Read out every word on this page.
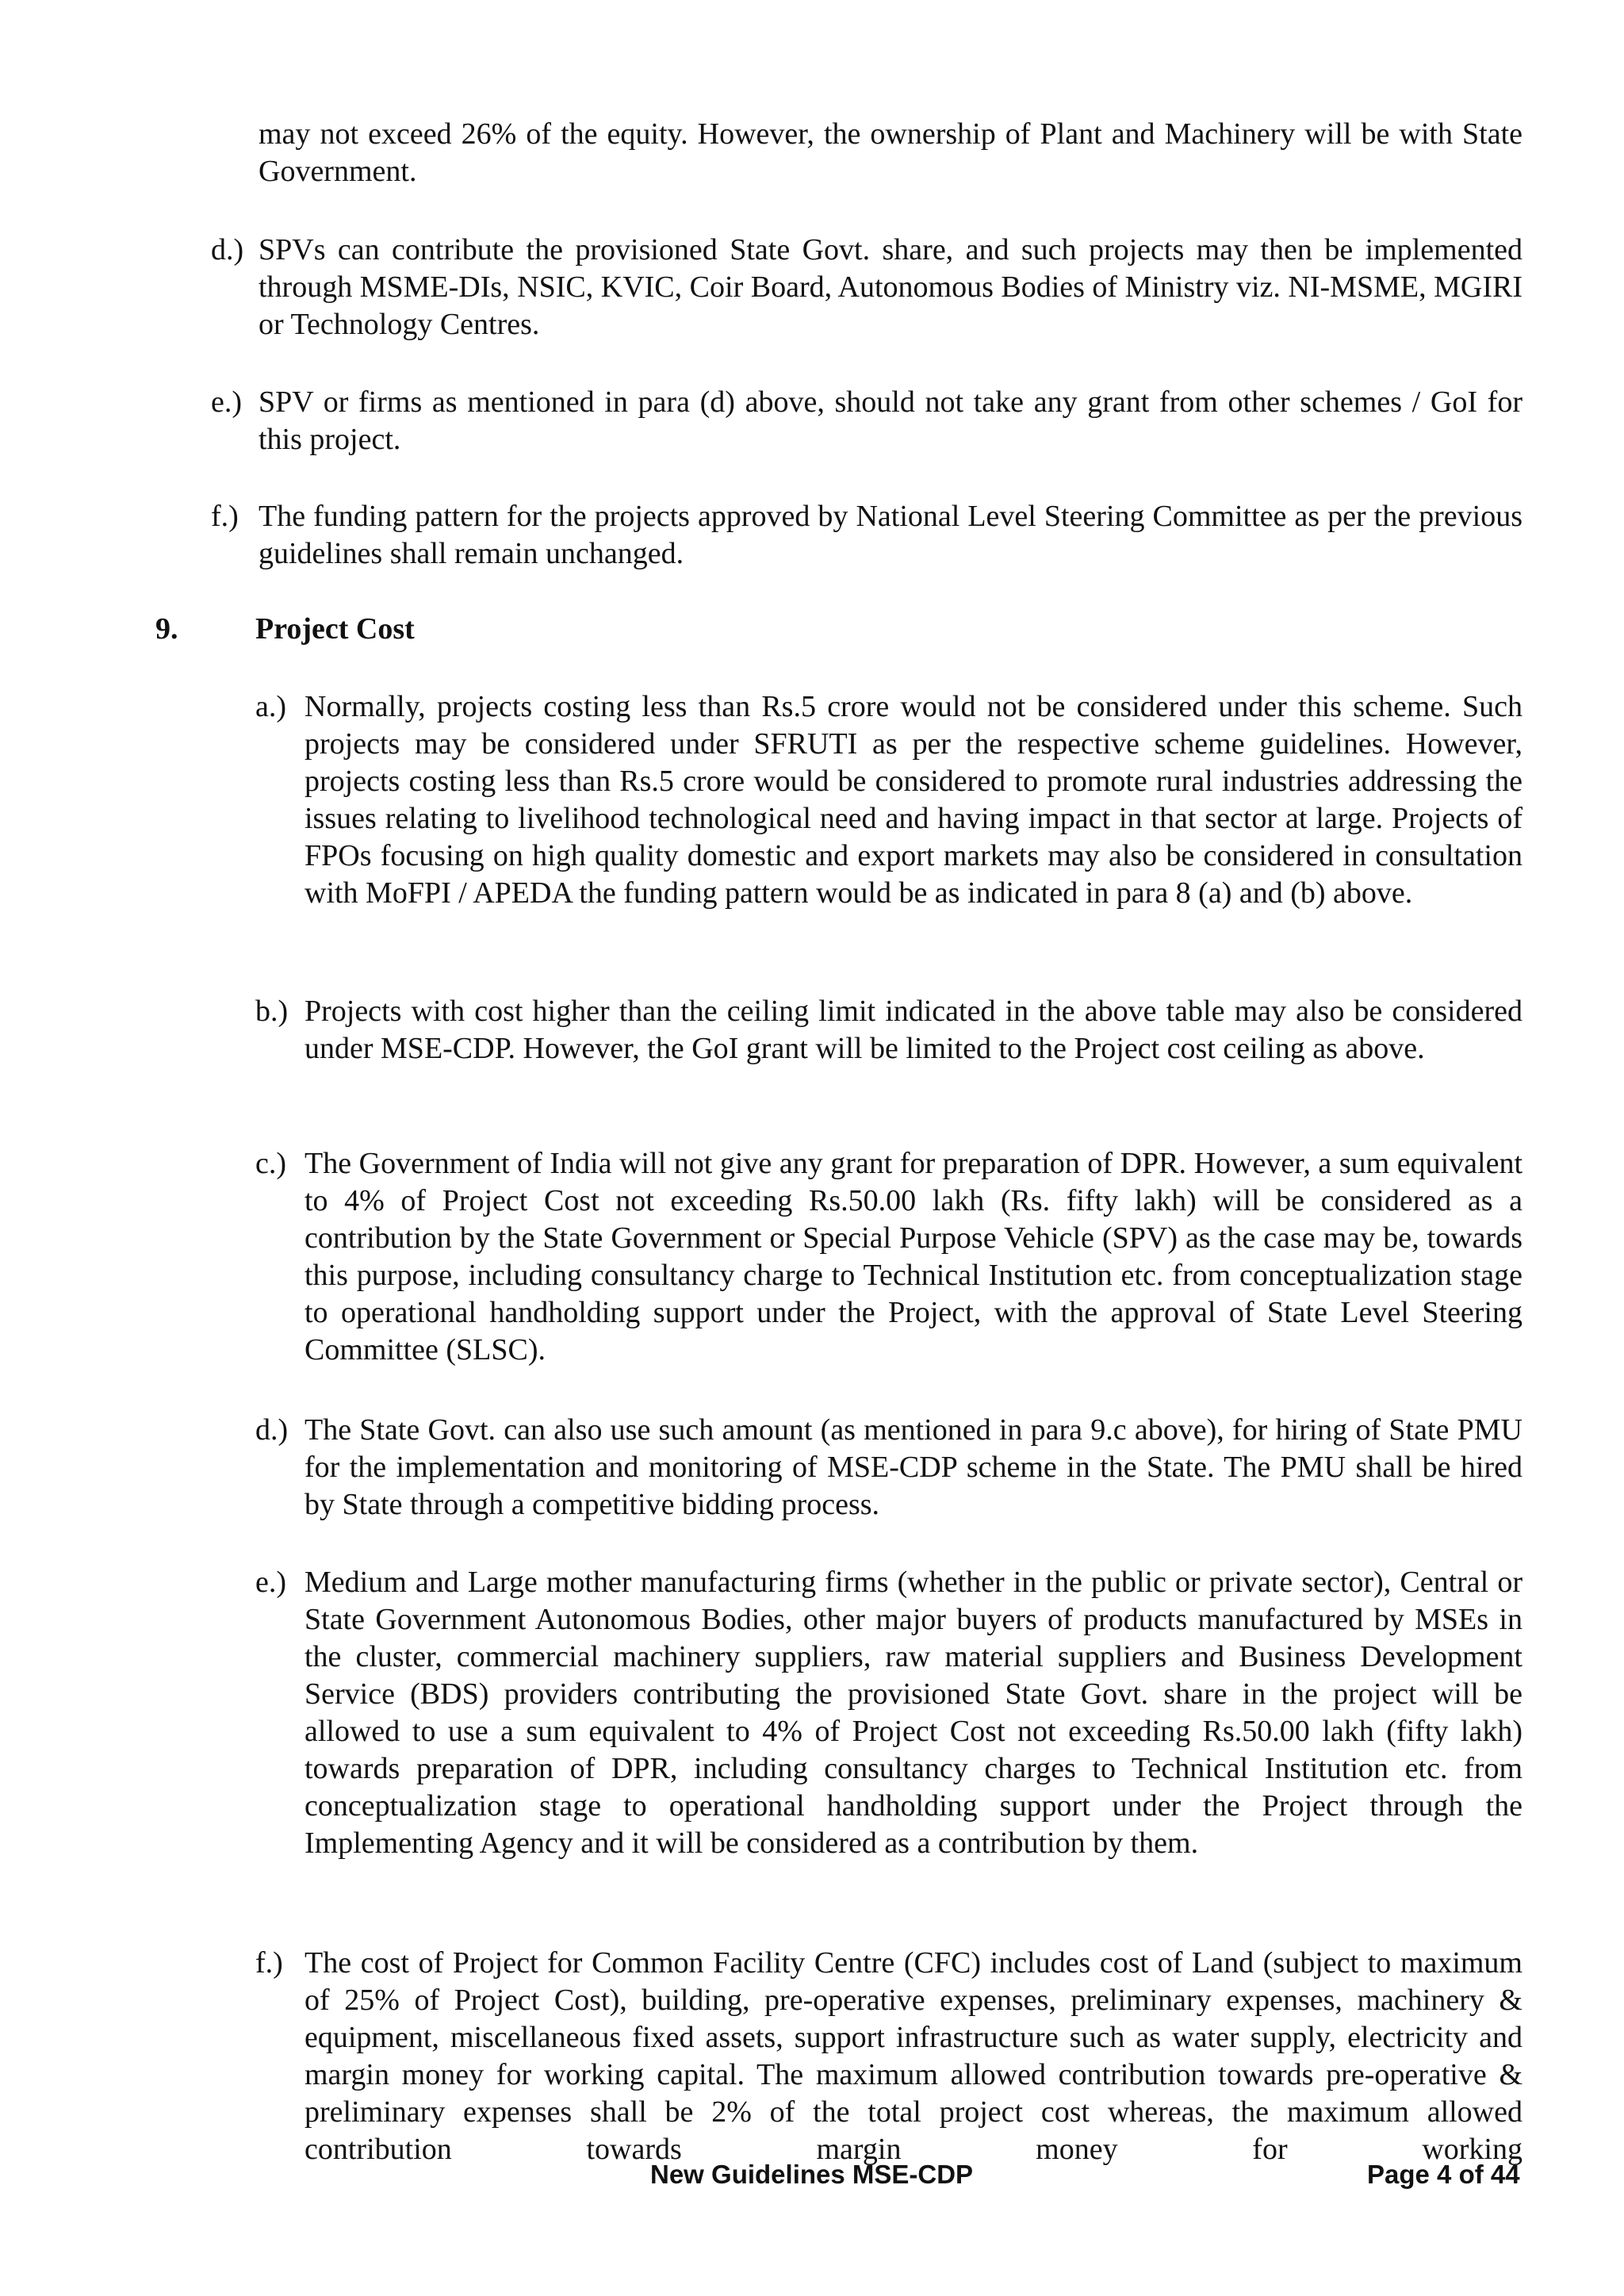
may not exceed 26% of the equity. However, the ownership of Plant and Machinery will be with State Government.
d.) SPVs can contribute the provisioned State Govt. share, and such projects may then be implemented through MSME-DIs, NSIC, KVIC, Coir Board, Autonomous Bodies of Ministry viz. NI-MSME, MGIRI or Technology Centres.
e.) SPV or firms as mentioned in para (d) above, should not take any grant from other schemes / GoI for this project.
f.) The funding pattern for the projects approved by National Level Steering Committee as per the previous guidelines shall remain unchanged.
9.	Project Cost
a.) Normally, projects costing less than Rs.5 crore would not be considered under this scheme. Such projects may be considered under SFRUTI as per the respective scheme guidelines. However, projects costing less than Rs.5 crore would be considered to promote rural industries addressing the issues relating to livelihood technological need and having impact in that sector at large. Projects of FPOs focusing on high quality domestic and export markets may also be considered in consultation with MoFPI / APEDA the funding pattern would be as indicated in para 8 (a) and (b) above.
b.) Projects with cost higher than the ceiling limit indicated in the above table may also be considered under MSE-CDP. However, the GoI grant will be limited to the Project cost ceiling as above.
c.) The Government of India will not give any grant for preparation of DPR. However, a sum equivalent to 4% of Project Cost not exceeding Rs.50.00 lakh (Rs. fifty lakh) will be considered as a contribution by the State Government or Special Purpose Vehicle (SPV) as the case may be, towards this purpose, including consultancy charge to Technical Institution etc. from conceptualization stage to operational handholding support under the Project, with the approval of State Level Steering Committee (SLSC).
d.) The State Govt. can also use such amount (as mentioned in para 9.c above), for hiring of State PMU for the implementation and monitoring of MSE-CDP scheme in the State. The PMU shall be hired by State through a competitive bidding process.
e.) Medium and Large mother manufacturing firms (whether in the public or private sector), Central or State Government Autonomous Bodies, other major buyers of products manufactured by MSEs in the cluster, commercial machinery suppliers, raw material suppliers and Business Development Service (BDS) providers contributing the provisioned State Govt. share in the project will be allowed to use a sum equivalent to 4% of Project Cost not exceeding Rs.50.00 lakh (fifty lakh) towards preparation of DPR, including consultancy charges to Technical Institution etc. from conceptualization stage to operational handholding support under the Project through the Implementing Agency and it will be considered as a contribution by them.
f.) The cost of Project for Common Facility Centre (CFC) includes cost of Land (subject to maximum of 25% of Project Cost), building, pre-operative expenses, preliminary expenses, machinery & equipment, miscellaneous fixed assets, support infrastructure such as water supply, electricity and margin money for working capital. The maximum allowed contribution towards pre-operative & preliminary expenses shall be 2% of the total project cost whereas, the maximum allowed contribution towards margin money for working
New Guidelines MSE-CDP	Page 4 of 44
